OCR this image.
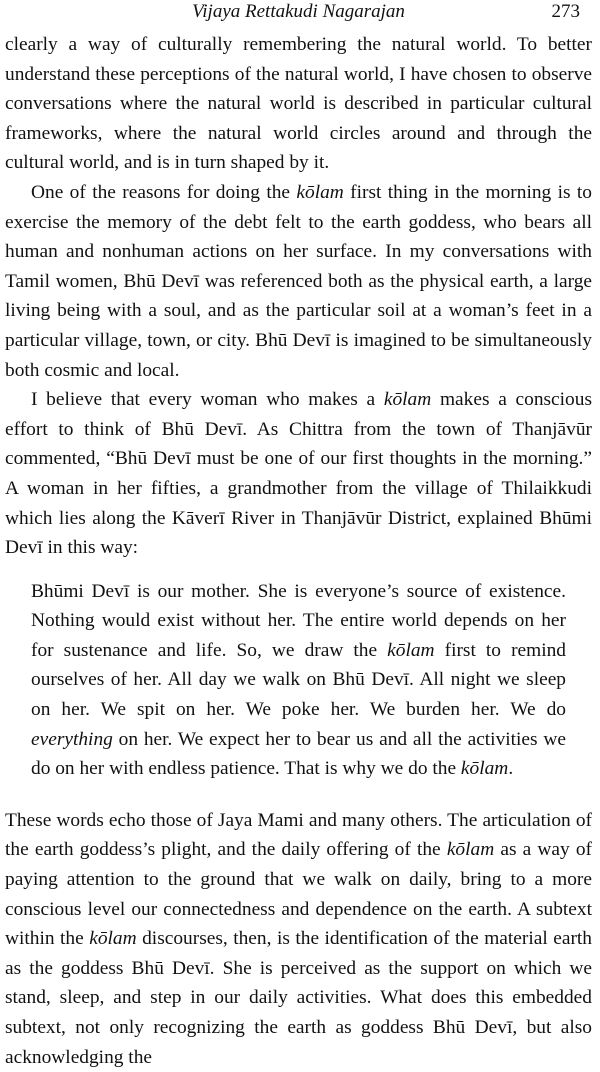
Vijaya Rettakudi Nagarajan	273

clearly a way of culturally remembering the natural world. To better understand these perceptions of the natural world, I have chosen to observe conversations where the natural world is described in particular cultural frameworks, where the natural world circles around and through the cultural world, and is in turn shaped by it.

One of the reasons for doing the kōlam first thing in the morning is to exercise the memory of the debt felt to the earth goddess, who bears all human and nonhuman actions on her surface. In my conversations with Tamil women, Bhū Devī was referenced both as the physical earth, a large living being with a soul, and as the particular soil at a woman’s feet in a particular village, town, or city. Bhū Devī is imagined to be simultaneously both cosmic and local.

I believe that every woman who makes a kōlam makes a conscious effort to think of Bhū Devī. As Chittra from the town of Thanjāvūr commented, “Bhū Devī must be one of our first thoughts in the morning.” A woman in her fifties, a grandmother from the village of Thilaikkudi which lies along the Kāverī River in Thanjāvūr District, explained Bhūmi Devī in this way:

Bhūmi Devī is our mother. She is everyone’s source of existence. Nothing would exist without her. The entire world depends on her for sustenance and life. So, we draw the kōlam first to remind ourselves of her. All day we walk on Bhū Devī. All night we sleep on her. We spit on her. We poke her. We burden her. We do everything on her. We expect her to bear us and all the activities we do on her with endless patience. That is why we do the kōlam.

These words echo those of Jaya Mami and many others. The articulation of the earth goddess’s plight, and the daily offering of the kōlam as a way of paying attention to the ground that we walk on daily, bring to a more conscious level our connectedness and dependence on the earth. A subtext within the kōlam discourses, then, is the identification of the material earth as the goddess Bhū Devī. She is perceived as the support on which we stand, sleep, and step in our daily activities. What does this embedded subtext, not only recognizing the earth as goddess Bhū Devī, but also acknowledging the
